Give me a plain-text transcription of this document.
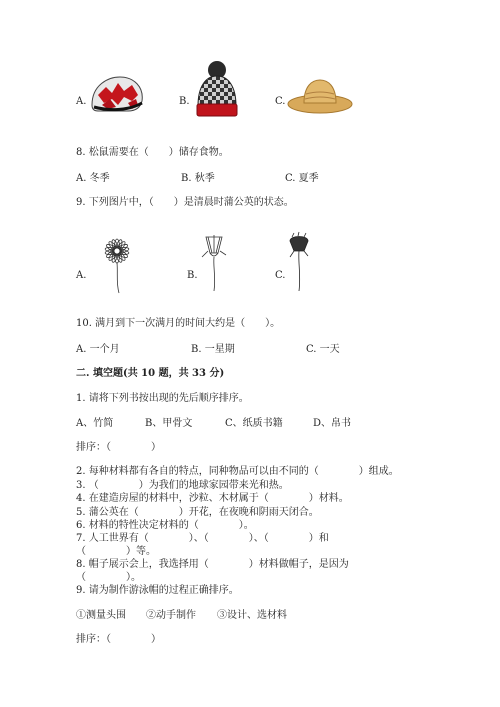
A.	B.	C.
8. 松鼠需要在（　　）储存食物。
A. 冬季	B. 秋季	C. 夏季
9. 下列图片中，（　　）是清晨时蒲公英的状态。
A.	B.	C.
10. 满月到下一次满月的时间大约是（　　）。
A. 一个月	B. 一星期	C. 一天
二. 填空题(共 10 题，共 33 分)
1. 请将下列书按出现的先后顺序排序。
A、竹简	B、甲骨文	C、纸质书籍	D、帛书
排序：（　　　　）
2. 每种材料都有各自的特点，同种物品可以由不同的（　　　　）组成。
3. （　　　　）为我们的地球家园带来光和热。
4. 在建造房屋的材料中，沙粒、木材属于（　　　　）材料。
5. 蒲公英在（　　　　）开花，在夜晚和阴雨天闭合。
6. 材料的特性决定材料的（　　　　）。
7. 人工世界有（　　　　）、（　　　　）、（　　　　）和
（　　　　）等。
8. 帽子展示会上，我选择用（　　　　）材料做帽子，是因为
（　　　　）。
9. 请为制作游泳帽的过程正确排序。
①测量头围 ②动手制作 ③设计、选材料
排序：（　　　　）
